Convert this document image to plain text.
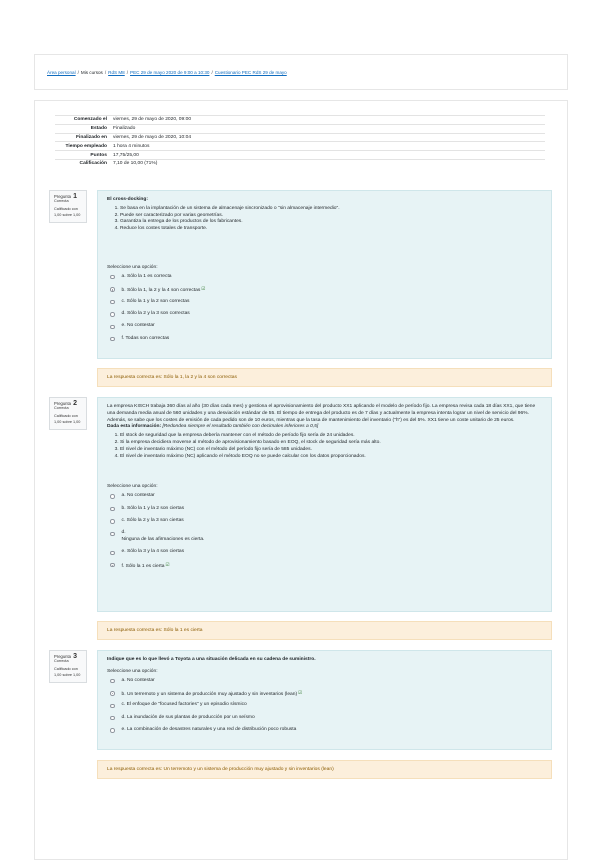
Área personal / Mis cursos / RdS M8 / PEC 29 de mayo 2020 de 9:00 a 10:30 / Cuestionario PEC RdS 29 de mayo
Comenzado el	viernes, 29 de mayo de 2020, 09:00
Estado	Finalizado
Finalizado en	viernes, 29 de mayo de 2020, 10:04
Tiempo empleado	1 hora 4 minutos
Puntos	17,75/25,00
Calificación	7,10 de 10,00 (71%)
Pregunta 1
Correcta
Calificado con 1,00 sobre 1,00

El cross-docking:

1. Se basa en la implantación de un sistema de almacenaje sincronizado o "sin almacenaje intermedio".
2. Puede ser caracterizado por varias geometrías.
3. Garantiza la entrega de los productos de los fabricantes.
4. Reduce los costes totales de transporte.

Seleccione una opción:

a. Sólo la 1 es correcta
b. Sólo la 1, la 2 y la 4 son correctas☑
c. Sólo la 1 y la 2 son correctas
d. Sólo la 2 y la 3 son correctas
e. No contestar
f. Todas son correctas
La respuesta correcta es: Sólo la 1, la 2 y la 4 son correctas
Pregunta 2
Correcta
Calificado con 1,00 sobre 1,00

La empresa KISCH trabaja 360 días al año (30 días cada mes) y gestiona el aprovisionamiento del producto XX1 aplicando el modelo de período fijo. La empresa revisa cada 18 días XX1, que tiene una demanda media anual de 560 unidades y una desviación estándar de 55. El tiempo de entrega del producto es de 7 días y actualmente la empresa intenta lograr un nivel de servicio del 96%. Además, se sabe que los costes de emisión de cada pedido son de 10 euros, mientras que la tasa de mantenimiento del inventario ("h") es del 5%. XX1 tiene un coste unitario de 25 euros.

Dada esta información: [Redondea siempre el resultado también con decimales inferiores a 0,5]

1. El stock de seguridad que la empresa debería mantener con el método de período fijo sería de 24 unidades.
2. Si la empresa decidiera moverse al método de aprovisionamiento basado en EOQ, el stock de seguridad sería más alto.
3. El nivel de inventario máximo (NC) con el método del período fijo sería de 585 unidades.
4. El nivel de inventario máximo (NC) aplicando el método EOQ no se puede calcular con los datos proporcionados.

Seleccione una opción:

a. No contestar
b. Sólo la 1 y la 2 son ciertas
c. Sólo la 2 y la 3 son ciertas
d.
Ninguna de las afirmaciones es cierta.
e. Sólo la 3 y la 4 son ciertas
f. Sólo la 1 es cierta☑
La respuesta correcta es: Sólo la 1 es cierta
Pregunta 3
Correcta
Calificado con 1,00 sobre 1,00

Indique que es lo que llevó a Toyota a una situación delicada en su cadena de suministro.

Seleccione una opción:

a. No contestar
b. Un terremoto y un sistema de producción muy ajustado y sin inventarios (lean)☑
c. El enfoque de "focused factories" y un episodio sísmico
d. La inundación de sus plantas de producción por un seísmo
e. La combinación de desastres naturales y una red de distribución poco robusta
La respuesta correcta es: Un terremoto y un sistema de producción muy ajustado y sin inventarios (lean)
